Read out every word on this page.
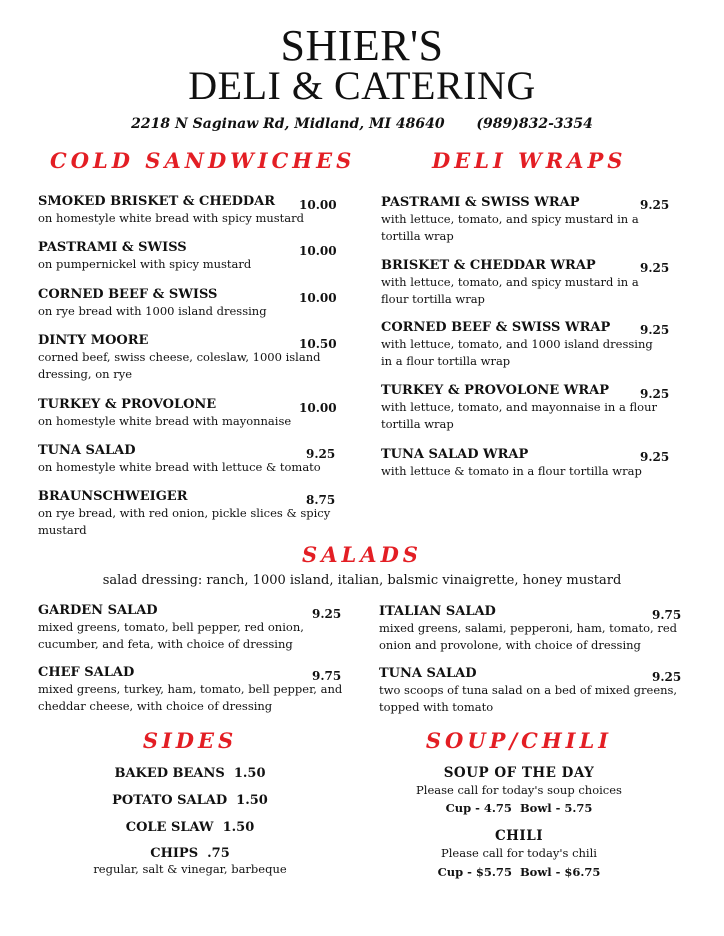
SHIER'S
DELI & CATERING
2218 N Saginaw Rd, Midland, MI 48640 (989)832-3354
COLD SANDWICHES
SMOKED BRISKET & CHEDDAR
on homestyle white bread with spicy mustard
10.00
PASTRAMI & SWISS
on pumpernickel with spicy mustard
10.00
CORNED BEEF & SWISS
on rye bread with 1000 island dressing
10.00
DINTY MOORE
corned beef, swiss cheese, coleslaw, 1000 island dressing, on rye
10.50
TURKEY & PROVOLONE
on homestyle white bread with mayonnaise
10.00
TUNA SALAD
on homestyle white bread with lettuce & tomato
9.25
BRAUNSCHWEIGER
on rye bread, with red onion, pickle slices & spicy mustard
8.75
DELI WRAPS
PASTRAMI & SWISS WRAP
with lettuce, tomato, and spicy mustard in a tortilla wrap
9.25
BRISKET & CHEDDAR WRAP
with lettuce, tomato, and spicy mustard in a flour tortilla wrap
9.25
CORNED BEEF & SWISS WRAP
with lettuce, tomato, and 1000 island dressing in a flour tortilla wrap
9.25
TURKEY & PROVOLONE WRAP
with lettuce, tomato, and mayonnaise in a flour tortilla wrap
9.25
TUNA SALAD WRAP
with lettuce & tomato in a flour tortilla wrap
9.25
SALADS
salad dressing: ranch, 1000 island, italian, balsmic vinaigrette, honey mustard
GARDEN SALAD
mixed greens, tomato, bell pepper, red onion, cucumber, and feta, with choice of dressing
9.25	ITALIAN SALAD
mixed greens, salami, pepperoni, ham, tomato, red onion and provolone, with choice of dressing
9.75
CHEF SALAD
mixed greens, turkey, ham, tomato, bell pepper, and cheddar cheese, with choice of dressing
9.75	TUNA SALAD
two scoops of tuna salad on a bed of mixed greens, topped with tomato
9.25
SIDES
BAKED BEANS 1.50
POTATO SALAD 1.50
COLE SLAW 1.50
CHIPS .75
regular, salt & vinegar, barbeque
SOUP/CHILI
SOUP OF THE DAY
Please call for today's soup choices
Cup - 4.75  Bowl - 5.75
CHILI
Please call for today's chili
Cup - $5.75  Bowl - $6.75
